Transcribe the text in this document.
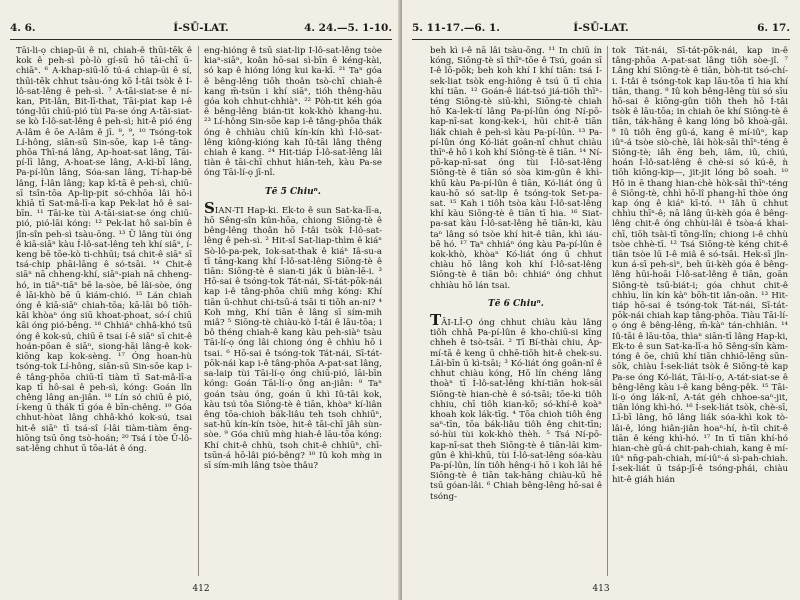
4. 6.	Í-SŪ-LAT.	4. 24.—5. 1-10.

Tāi-li-ọ chiap-ūi ê ni, chiah-ê thūi-tēk ê kok ê peh-sì pò-lò gí-sū hō tāi-chī ū-chiāⁿ. ⁶ A-khap-siū-lō tú-á chiap-ūi ê sí, thūi-tēk chhut tsàu-óng kō Í-tâi tsòk ê Í-lô-sat-lêng ê peh-sì. ⁷ A-tāi-siat-se ê ní-kan, Pit-lân, Bit-lī-that, Tāi-piat kap i-ê tóng-lūi chiū-pió tùi Pa-se óng A-tāi-siat-se kò Í-lô-sat-lêng ê peh-sì; hit-ê pió éng A-lâm ê ōe A-lâm ê jī. ⁸, ⁹, ¹⁰ Tsóng-tok Lí-hông, siān-sū Sin-sōe, kap i-ê tâng-phōa Thī-ná lâng, Ap-hoat-sat lâng, Tāi-pí-lī lâng, A-hoat-se lâng, A-kì-bī lâng, Pa-pí-lûn lâng, Sóa-san lâng, Tí-hap-bē lâng, Í-lân lâng; kap kî-tā ê peh-sì, chiū-sī tsīn-tōa Ap-lip-pit só-chhōa lâi hō-i khiā tī Sat-mâ-lī-a kap Pek-lat hô ê sai-bīn. ¹¹ Tāi-ke tùi A-tāi-siat-se óng chiū-pió, pió-lāi kóng: ¹² Pek-lat hô sai-bīn ê jîn-sîn peh-sì tsàu-ōng. ¹³ Ū lâng tùi óng ê kiā-siāⁿ kàu Í-lô-sat-lêng teh khí siāⁿ, í-keng bē tōe-kò ti-chhūi; tsá chit-ê siāⁿ sī tsá-chip phāi-lāng ê só-tsāi. ¹⁴ Chit-ê siāⁿ nā chheng-khí, siāⁿ-piah nā chheng-hó, in tiāⁿ-tiāⁿ bē la-sòe, bē lâi-sòe, óng ê lāi-khò bē ū kiám-chió. ¹⁵ Lán chiah óng ê kiā-siāⁿ chiah-tōa; kā-lāi bô tiōh-kāi khòaⁿ óng siū khoat-phoat, só-í chiū kāi óng pió-bêng. ¹⁶ Chhiáⁿ chhâ-khó tsū óng ê kok-sú, chiū ē tsai í-ê siāⁿ sī chit-ê hoán-pōan ê siāⁿ, siong-hāi lâng-ê kok-kiōng kap kok-sèng. ¹⁷ Óng hoan-hù tsóng-tok Lí-hông, siān-sū Sin-sōe kap i-ê tâng-phōa chiū-tī tiàm tī Sat-mâ-lī-a kap tī hô-sai ê peh-sì, kóng: Goán lîn chêng lâng an-jiân. ¹⁸ Lín só chiū ê pió, í-keng ū thák tī góa ê bīn-chêng. ¹⁹ Góa chhut-hòat lâng chhâ-khó kok-sú, tsai hit-ê siāⁿ tī tsá-sî í-lâi tiàm-tiàm ēng-hiōng tsū ōng tsò-hoán; ²⁰ Tsá í tòe Ū-lô-sat-lêng chhut ū tōa-lát ê óng.

eng-hióng ê tsū siat-lip Í-lô-sat-lêng tsòe kiaⁿ-siāⁿ, koân hō-sai sì-bīn ê kéng-kài, só kap ê hióng lóng kui ka-kī. ²¹ Taⁿ góa ê bêng-lêng tiōh thoân tsò-chī chiah-ê kang m̄-tsūn i khí siāⁿ, tióh thêng-hāu góa koh chhut-chhiàⁿ. ²² Pòh-tit kéh góa ê bêng-lêng bián-tit kok-khò khang-hu. ²³ Lí-hông Sin-sōe kap i-ê tâng-phōa thák óng ê chhiàu chiū kín-kín khì Í-lô-sat-lêng kiông-kióng kah Iû-tāi lâng thêng chiah ê kang. ²⁴ Hit-tiáp Í-lô-sat-lêng lâi tiàn ê tāi-chī chhut hiân-teh, kàu Pa-se óng Tāi-lí-ọ jī-nî.

Tē 5 Chiuⁿ.

SIAN-TI Hap-ki. Ek-to ê sun Sat-ka-lī-a, hō Sêng-sîn kún-hōa, chiong Siōng-tè ê bêng-lêng thoân hō Í-tâi tsòk Í-lô-sat-lêng ê peh-sì. ² Hit-sî Sat-liap-thìm ê kiáⁿ Sò-lô-pa-pek, Iok-sat-thak ê kiáⁿ Iâ-su-a tī tāng-kang khí Í-lô-sat-lêng Siōng-tè ê tiān: Siōng-tè ê sian-ti ják ū biàn-lē-i. ³ Hō-sai ê tsóng-tok Tát-nái, Sī-tát-pōk-nái kap i-ê tâng-phōa chiū mǹg kóng: Khí tiān ū-chhut chi-tsū-á tsāi ti tiōh an-ni? ⁴ Koh mǹg, Khí tiān ê lâng sī sím-mih miâ? ⁵ Siōng-tè chiàu-kò Í-tâi ê lāu-tōa; i bô théng chiah-ê kang kàu peh-siàⁿ tsàu Tāi-lí-ọ óng lâi chiong óng ê chhìu hō i tsai. ⁶ Hō-sai ê tsóng-tok Tát-nái, Sī-tát-pōk-nái kap i-ê tâng-phōa A-pat-sat lâng, sa-laip tùi Tāi-lí-ọ óng chiū-pió, lāi-bīn kóng: Goán Tāi-lí-ọ ông an-jiân: ⁸ Taⁿ goán tsàu óng, goán ū khì Iû-tāi kok, kàu tsú tôa Siōng-tè ê tiān, khòaⁿ kí-liân êng tōa-chioh bák-liâu teh tsoh chhiūⁿ, sat-hū kín-kín tsòe, hit-ê tāi-chī jâh sùn-sòe. ⁹ Góa chiū mǹg hiah-ê lāu-tōa kóng: Khí chit-ê chhù, tsoh chit-ê chhiūⁿ, chī-tsūn-á hō-lâi pió-bêng? ¹⁰ Iû koh mǹg in sī sím-mih lâng tsòe thâu?

412
5. 11-17.—6. 1.	Í-SŪ-LAT.	6. 17.

beh kì i-ê nā lâi tsàu-ōng. ¹¹ In chiū ín kóng, Siōng-tè sī thīⁿ-tōe ê Tsú, goán sī I-ê lō-pōk; beh koh khí I khí tiān: tsá Í-sek-liat tsòk eng-hiông ê tsú ū tī chia khí tiān. ¹² Goán-ê liát-tsó jiá-tiōh thīⁿ-téng Siōng-tè siū-khì, Siōng-tè chiah hō Ka-lek-tí lâng Pa-pí-lûn óng Ní-pō-kap-nī-sat kong-kek-i, hūi chit-ê tiān liák chiah ê peh-sì kàu Pa-pí-lûn. ¹³ Pa-pí-lûn óng Kó-liát goân-nî chhut chiàu thīⁿ-ê hō i koh khí Siōng-tè ê tiān. ¹⁴ Ní-pō-kap-nī-sat óng tùi Í-lô-sat-lêng Siōng-tè ê tiān só sòa kim-gûn ê khì-khū kàu Pa-pí-lûn ê tiān, Kó-liát óng ū kau-hō só sat-lip ê tsóng-tok Set-pa-sat. ¹⁵ Kah i tiôh tsòa kàu Í-lô-sat-lêng khí kàu Siōng-tè ê tiān tī hia. ¹⁶ Siat-pa-sat kàu Í-lô-sat-lêng hē tiān-ki, kàu taⁿ lâng só tsòe khí hit-ê tiān, khì iáu-bē hó. ¹⁷ Taⁿ chhiáⁿ óng kàu Pa-pí-lûn ê kok-khò, khòaⁿ Kó-liát óng ū chhut chiàu hō lâng koh khí Í-lô-sat-lêng Siōng-tè ê tiān bô: chhiáⁿ óng chhut chhiàu hō lán tsai.

Tē 6 Chiuⁿ.

TĀI-LĪ-Ọ óng chhut chiàu kàu lâng tiôh chhâ Pa-pí-lûn ê kho-chiū-si kīng chheh ê tsò-tsāi. ² Tī Bí-thài chiu, Áp-mí-tā ê keng ū chhē-tiōh hit-ê chek-su. Lāi-bīn ū kì-tsāi; ³ Kó-liát óng goân-nî ê chhut chiàu kóng, Hō lín chéng lâng thoàⁿ tī Í-lô-sat-lêng khí-tiān hok-sāi Siōng-tè hian-chè ê só-tsāi; tōe-ki tiôh chhiu, chī tiôh kian-kō; só-khí-ê koàⁿ khoah kok lák-tīg. ⁴ Tōa chioh tiôh êng saⁿ-tīn, tōa bák-liâu tiôh êng chit-tīn; só-hùi tùi kok-khò thèh. ⁵ Tsá Ní-pō-kap-nī-sat theh Siōng-tè ê tiān-lāi kim-gûn ê khì-khū, tùi Í-lô-sat-lêng sóa-kàu Pa-pí-lûn, lín tiôh hêng-i hō i koh lâi hē Siōng-tè ê tiān tak-hāng chiàu-kū hē tsū góan-lâi. ⁶ Chiah bêng-lêng hō-sai ê tsóng-

tok Tát-nái, Sī-tát-pōk-nái, kap in-ê tâng-phōa A-pat-sat lâng tiôh sòe-jî. ⁷ Lâng khí Siōng-tè ê tiān, bòh-tit tsó-chí-i. Í-tâi ê tsóng-tok kap lāu-tōa tī hia khí tiān, thang. ⁸ Iû koh bêng-lêng tùi só sīu hō-sai ê kiōng-gûn tiôh theh hō Í-tâi tsòk ê lāu-tōa; in chiah ōe khí Siōng-tè ê tiān, ták-hāng ê kang lóng bô khoà-gāi. ⁹ Iû tiôh ēng gû-á, kang ê mí-iûⁿ, kap iûⁿ-á tsòe siò-chè, lâi hòk-sāi thīⁿ-téng ê Siōng-tè; iâh ēng beh, iâm, iû, chiú, hoán Í-lô-sat-lêng ê chè-si só kú-ê, ǹ tiōh kiōng-kip—, jit-jit lóng bô soah. ¹⁰ Hō in ē thang hian-chè hòk-sāi thīⁿ-téng ê Siōng-tè, chhì hō-lî phang-hī thòe óng kap óng ê kiáⁿ kī-tó. ¹¹ Iâh ū chhut chhìu thīⁿ-ê; nā lâng ūi-kèh góa ê bêng-lêng chit-ê óng chhùi-lâi ê tsòa-á khai-chī, tiōh tsài-tī tōng-lîn; chiong i-ê chhù tsòe chhè-tī. ¹² Tsá Siōng-tè kéng chit-ê tiān tsòe lū I-ê miâ ê só-tsāi. Hek-sī jîn-kun á-sī peh-sìⁿ, beh ūi-kèh góa ê bêng-lêng hūi-hoāi Í-lô-sat-lêng ê tiān, goān Siōng-tè tsū-biát-i; góa chhut chit-ê chhìu, lín kín kàⁿ bōh-tit iân-oân. ¹³ Hit-tiáp hō-sai ê tsóng-tok Tát-nái, Sī-tát-pōk-nái chiah kap tâng-phōa. Tiàu Tāi-lí-ọ óng ê bêng-lêng, m̄-kàⁿ tán-chhiân. ¹⁴ Iû-tāi ê lāu-tōa, thìaⁿ siān-tī lâng Hap-ki, Ek-to ê sun Sat-ka-lī-a hō Sêng-sîn kàm-tóng ê ōe, chiū khí tiān chhiō-lēng sūn-sōk, chiàu Í-sek-liát tsòk ê Siōng-tè kap Pa-se óng Kó-liát, Tāi-lí-ọ, A-tát-siat-se ê bêng-lêng kàu i-ê kang bêng-pêk. ¹⁵ Tāi-lí-ọ óng lák-nî, A-tát géh chhoe-saⁿ-jit, tiân lóng khì-hó. ¹⁶ Í-sek-liát tsòk, chè-sī, Lī-bī lâng, hō lâng liák sóa-khì kok tò-lâi-ê, lóng hiân-jiân hoaⁿ-hí, ǹ-tīi chit-ê tiān ê kéng khì-hó. ¹⁷ In tī tiān khí-hó hian-chè gû-á chit-pah-chiah, kang ê mí-iûⁿ nn̄g-pah-chiah, mí-iûⁿ-á sì-pah-chiah. Í-sek-liát ū tsáp-jī-ê tsóng-phái, chiàu hit-ê giáh hián

413
